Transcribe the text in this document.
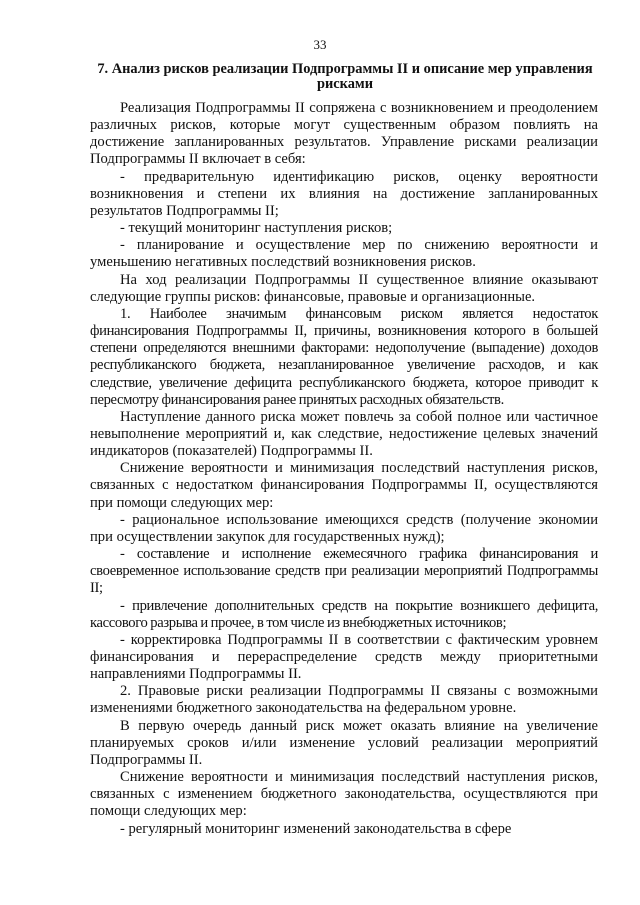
33
7. Анализ рисков реализации Подпрограммы II и описание мер управления рисками

Реализация Подпрограммы II сопряжена с возникновением и преодолением различных рисков, которые могут существенным образом повлиять на достижение запланированных результатов. Управление рисками реализации Подпрограммы II включает в себя:

- предварительную идентификацию рисков, оценку вероятности возникновения и степени их влияния на достижение запланированных результатов Подпрограммы II;

- текущий мониторинг наступления рисков;

- планирование и осуществление мер по снижению вероятности и уменьшению негативных последствий возникновения рисков.

На ход реализации Подпрограммы II существенное влияние оказывают следующие группы рисков: финансовые, правовые и организационные.

1. Наиболее значимым финансовым риском является недостаток финансирования Подпрограммы II, причины, возникновения которого в большей степени определяются внешними факторами: недополучение (выпадение) доходов республиканского бюджета, незапланированное увеличение расходов, и как следствие, увеличение дефицита республиканского бюджета, которое приводит к пересмотру финансирования ранее принятых расходных обязательств.

Наступление данного риска может повлечь за собой полное или частичное невыполнение мероприятий и, как следствие, недостижение целевых значений индикаторов (показателей) Подпрограммы II.

Снижение вероятности и минимизация последствий наступления рисков, связанных с недостатком финансирования Подпрограммы II, осуществляются при помощи следующих мер:

- рациональное использование имеющихся средств (получение экономии при осуществлении закупок для государственных нужд);

- составление и исполнение ежемесячного графика финансирования и своевременное использование средств при реализации мероприятий Подпрограммы II;

- привлечение дополнительных средств на покрытие возникшего дефицита, кассового разрыва и прочее, в том числе из внебюджетных источников;

- корректировка Подпрограммы II в соответствии с фактическим уровнем финансирования и перераспределение средств между приоритетными направлениями Подпрограммы II.

2. Правовые риски реализации Подпрограммы II связаны с возможными изменениями бюджетного законодательства на федеральном уровне.

В первую очередь данный риск может оказать влияние на увеличение планируемых сроков и/или изменение условий реализации мероприятий Подпрограммы II.

Снижение вероятности и минимизация последствий наступления рисков, связанных с изменением бюджетного законодательства, осуществляются при помощи следующих мер:

- регулярный мониторинг изменений законодательства в сфере
